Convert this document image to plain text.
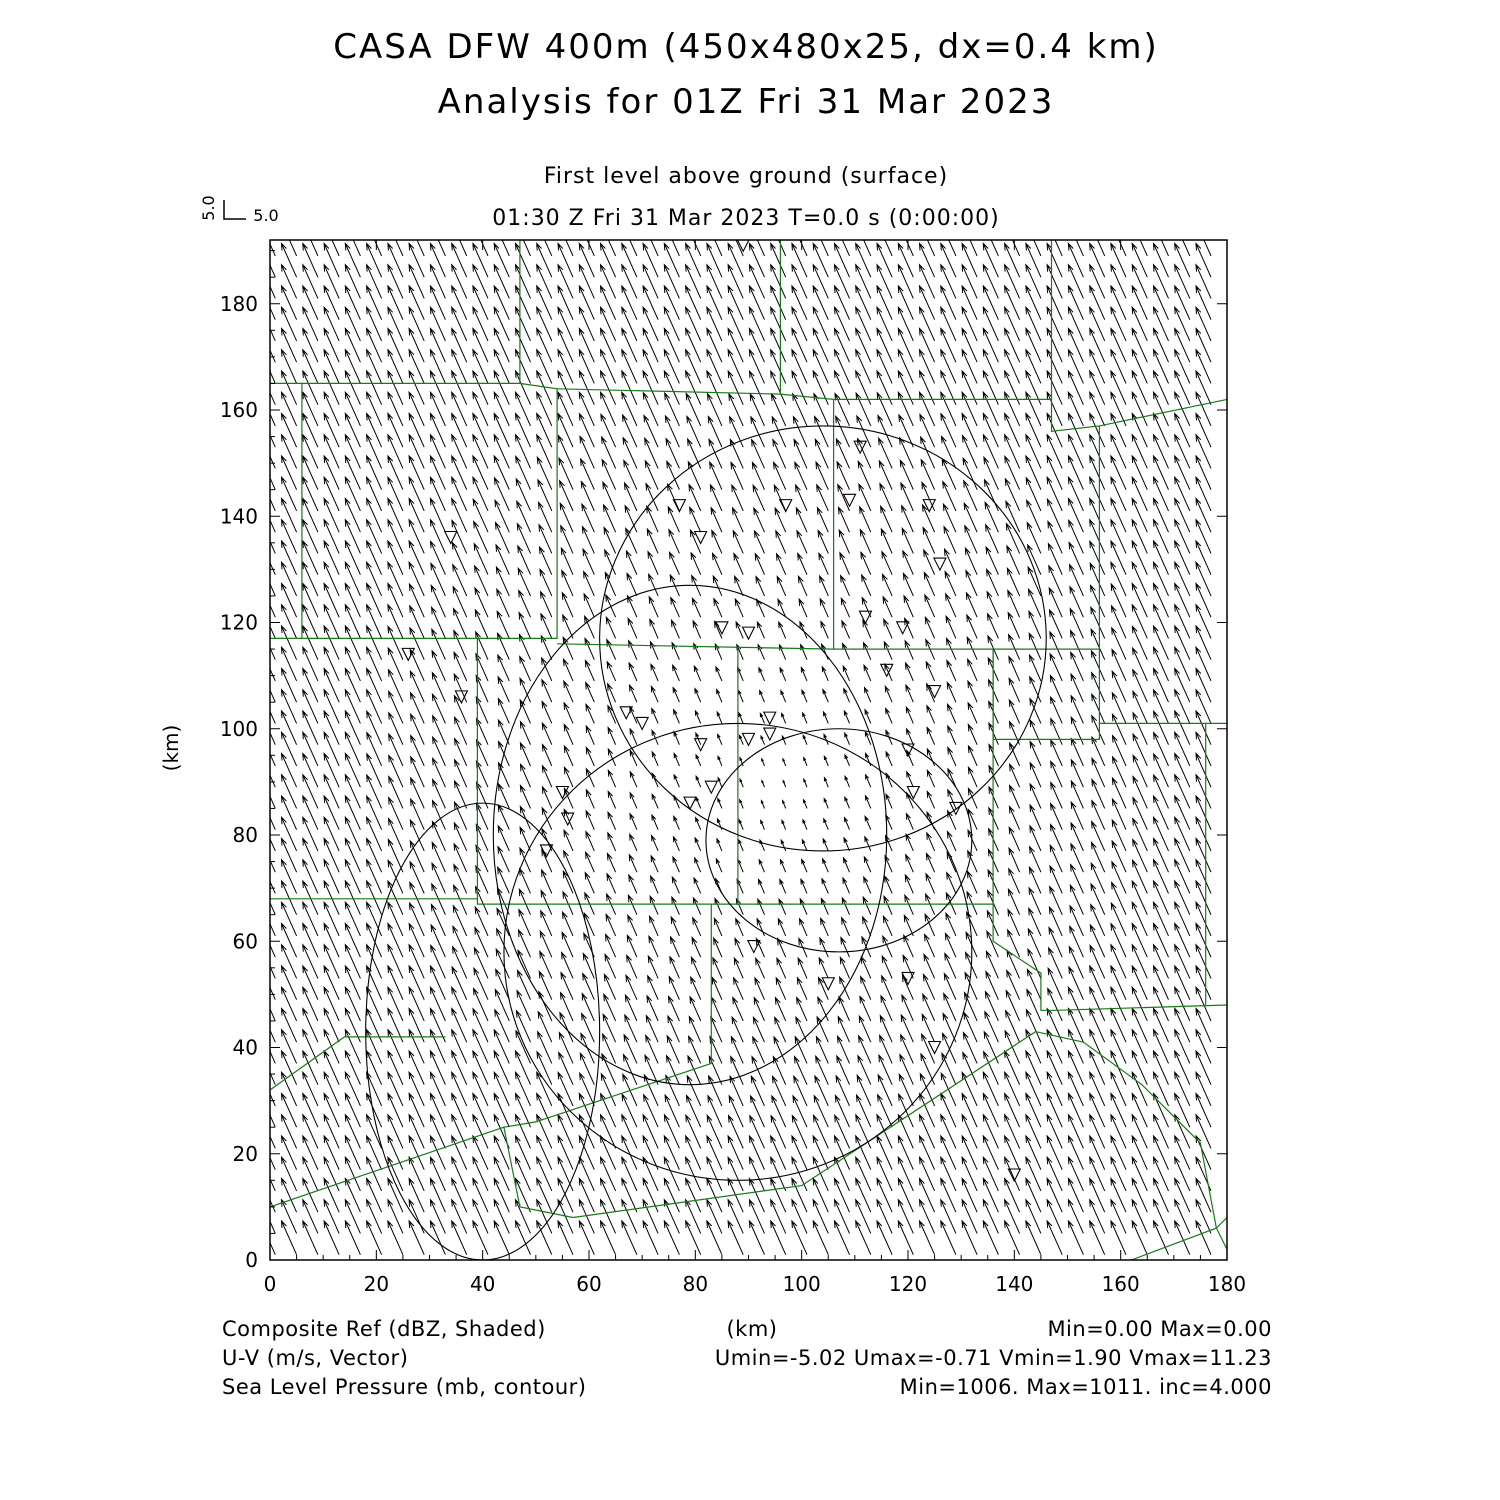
CASA DFW 400m (450x480x25, dx=0.4 km)
Analysis for 01Z Fri 31 Mar 2023
First level above ground (surface)
01:30 Z Fri 31 Mar 2023 T=0.0 s (0:00:00)
5.0
5.0
0	20	40	60	80	100	120	140	160	180
0
20
40
60
80
100
120
140
160
180
(km)
Composite Ref (dBZ, Shaded)
U-V (m/s, Vector)
Sea Level Pressure (mb, contour)
(km)	Min=0.00 Max=0.00
Umin=-5.02 Umax=-0.71 Vmin=1.90 Vmax=11.23
Min=1006. Max=1011. inc=4.000
